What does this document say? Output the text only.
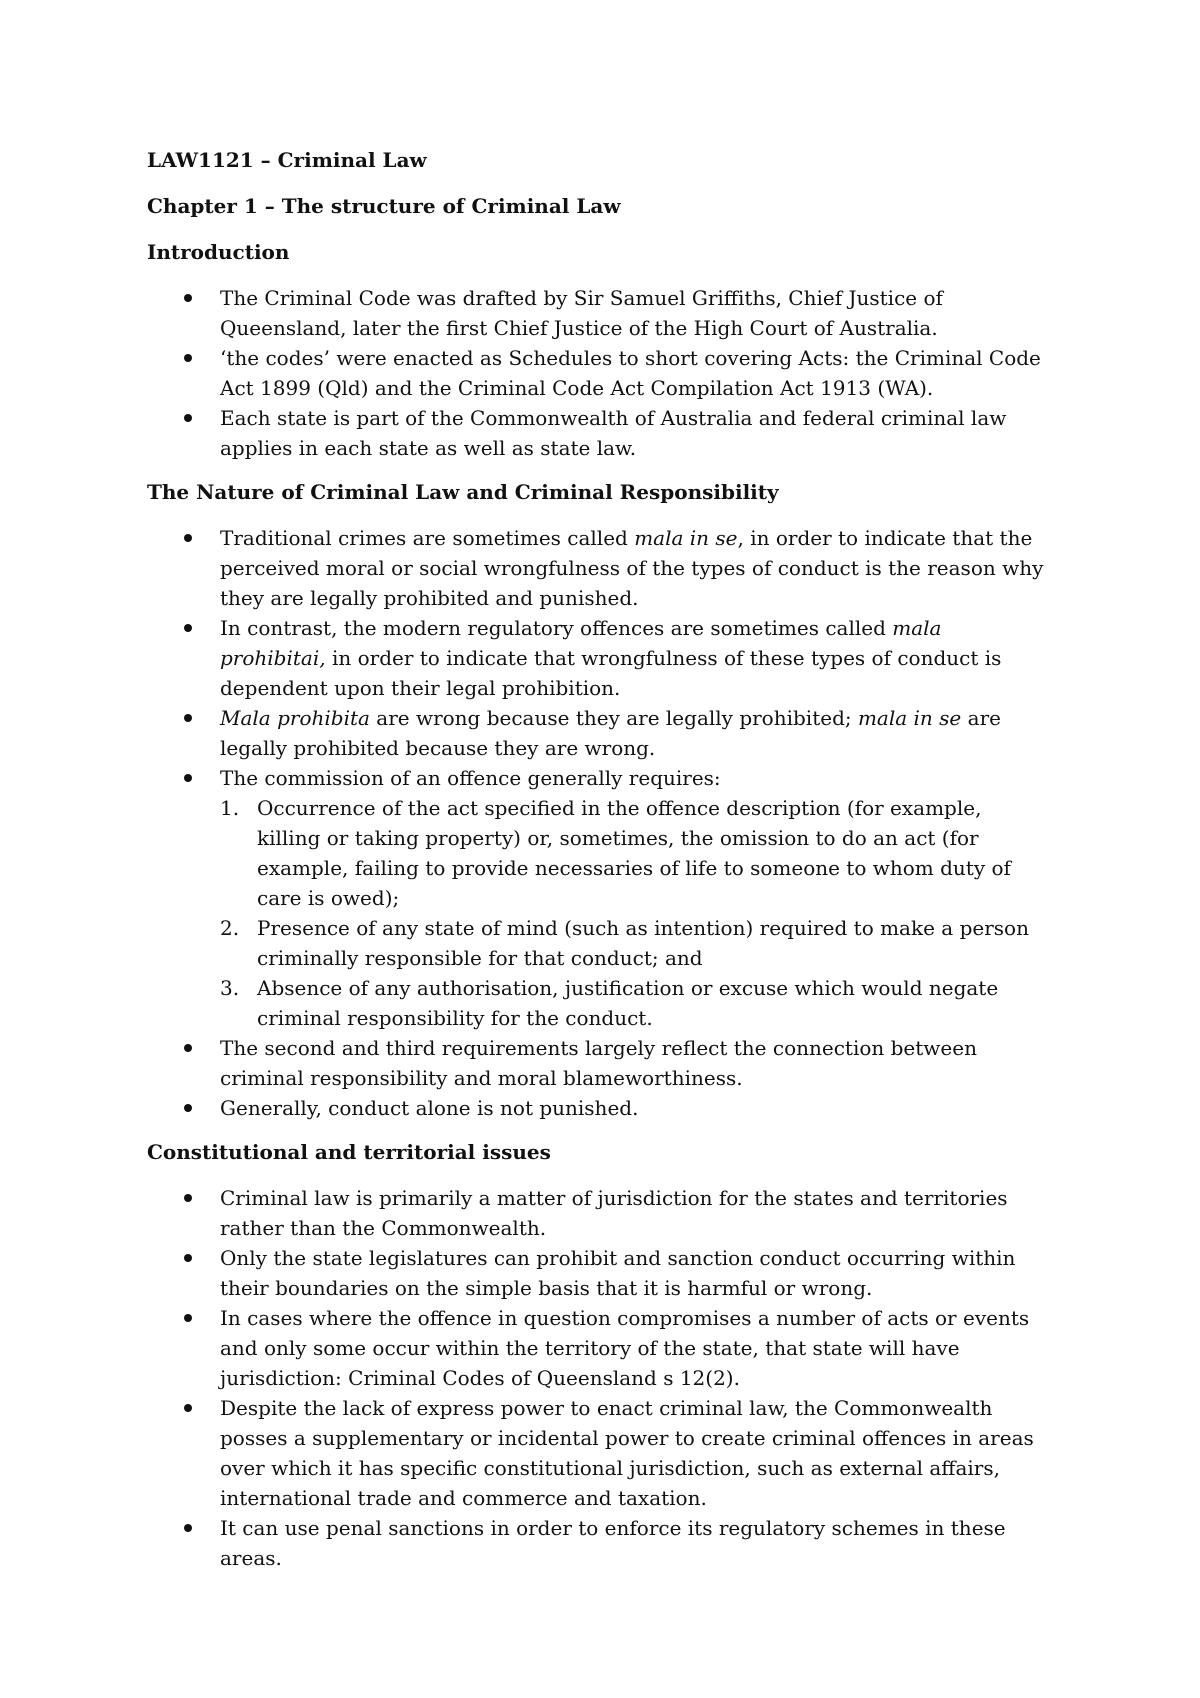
LAW1121 – Criminal Law
Chapter 1 – The structure of Criminal Law
Introduction
The Criminal Code was drafted by Sir Samuel Griffiths, Chief Justice of Queensland, later the first Chief Justice of the High Court of Australia.
‘the codes’ were enacted as Schedules to short covering Acts: the Criminal Code Act 1899 (Qld) and the Criminal Code Act Compilation Act 1913 (WA).
Each state is part of the Commonwealth of Australia and federal criminal law applies in each state as well as state law.
The Nature of Criminal Law and Criminal Responsibility
Traditional crimes are sometimes called mala in se, in order to indicate that the perceived moral or social wrongfulness of the types of conduct is the reason why they are legally prohibited and punished.
In contrast, the modern regulatory offences are sometimes called mala prohibitai, in order to indicate that wrongfulness of these types of conduct is dependent upon their legal prohibition.
Mala prohibita are wrong because they are legally prohibited; mala in se are legally prohibited because they are wrong.
The commission of an offence generally requires:
1. Occurrence of the act specified in the offence description (for example, killing or taking property) or, sometimes, the omission to do an act (for example, failing to provide necessaries of life to someone to whom duty of care is owed);
2. Presence of any state of mind (such as intention) required to make a person criminally responsible for that conduct; and
3. Absence of any authorisation, justification or excuse which would negate criminal responsibility for the conduct.
The second and third requirements largely reflect the connection between criminal responsibility and moral blameworthiness.
Generally, conduct alone is not punished.
Constitutional and territorial issues
Criminal law is primarily a matter of jurisdiction for the states and territories rather than the Commonwealth.
Only the state legislatures can prohibit and sanction conduct occurring within their boundaries on the simple basis that it is harmful or wrong.
In cases where the offence in question compromises a number of acts or events and only some occur within the territory of the state, that state will have jurisdiction: Criminal Codes of Queensland s 12(2).
Despite the lack of express power to enact criminal law, the Commonwealth posses a supplementary or incidental power to create criminal offences in areas over which it has specific constitutional jurisdiction, such as external affairs, international trade and commerce and taxation.
It can use penal sanctions in order to enforce its regulatory schemes in these areas.
